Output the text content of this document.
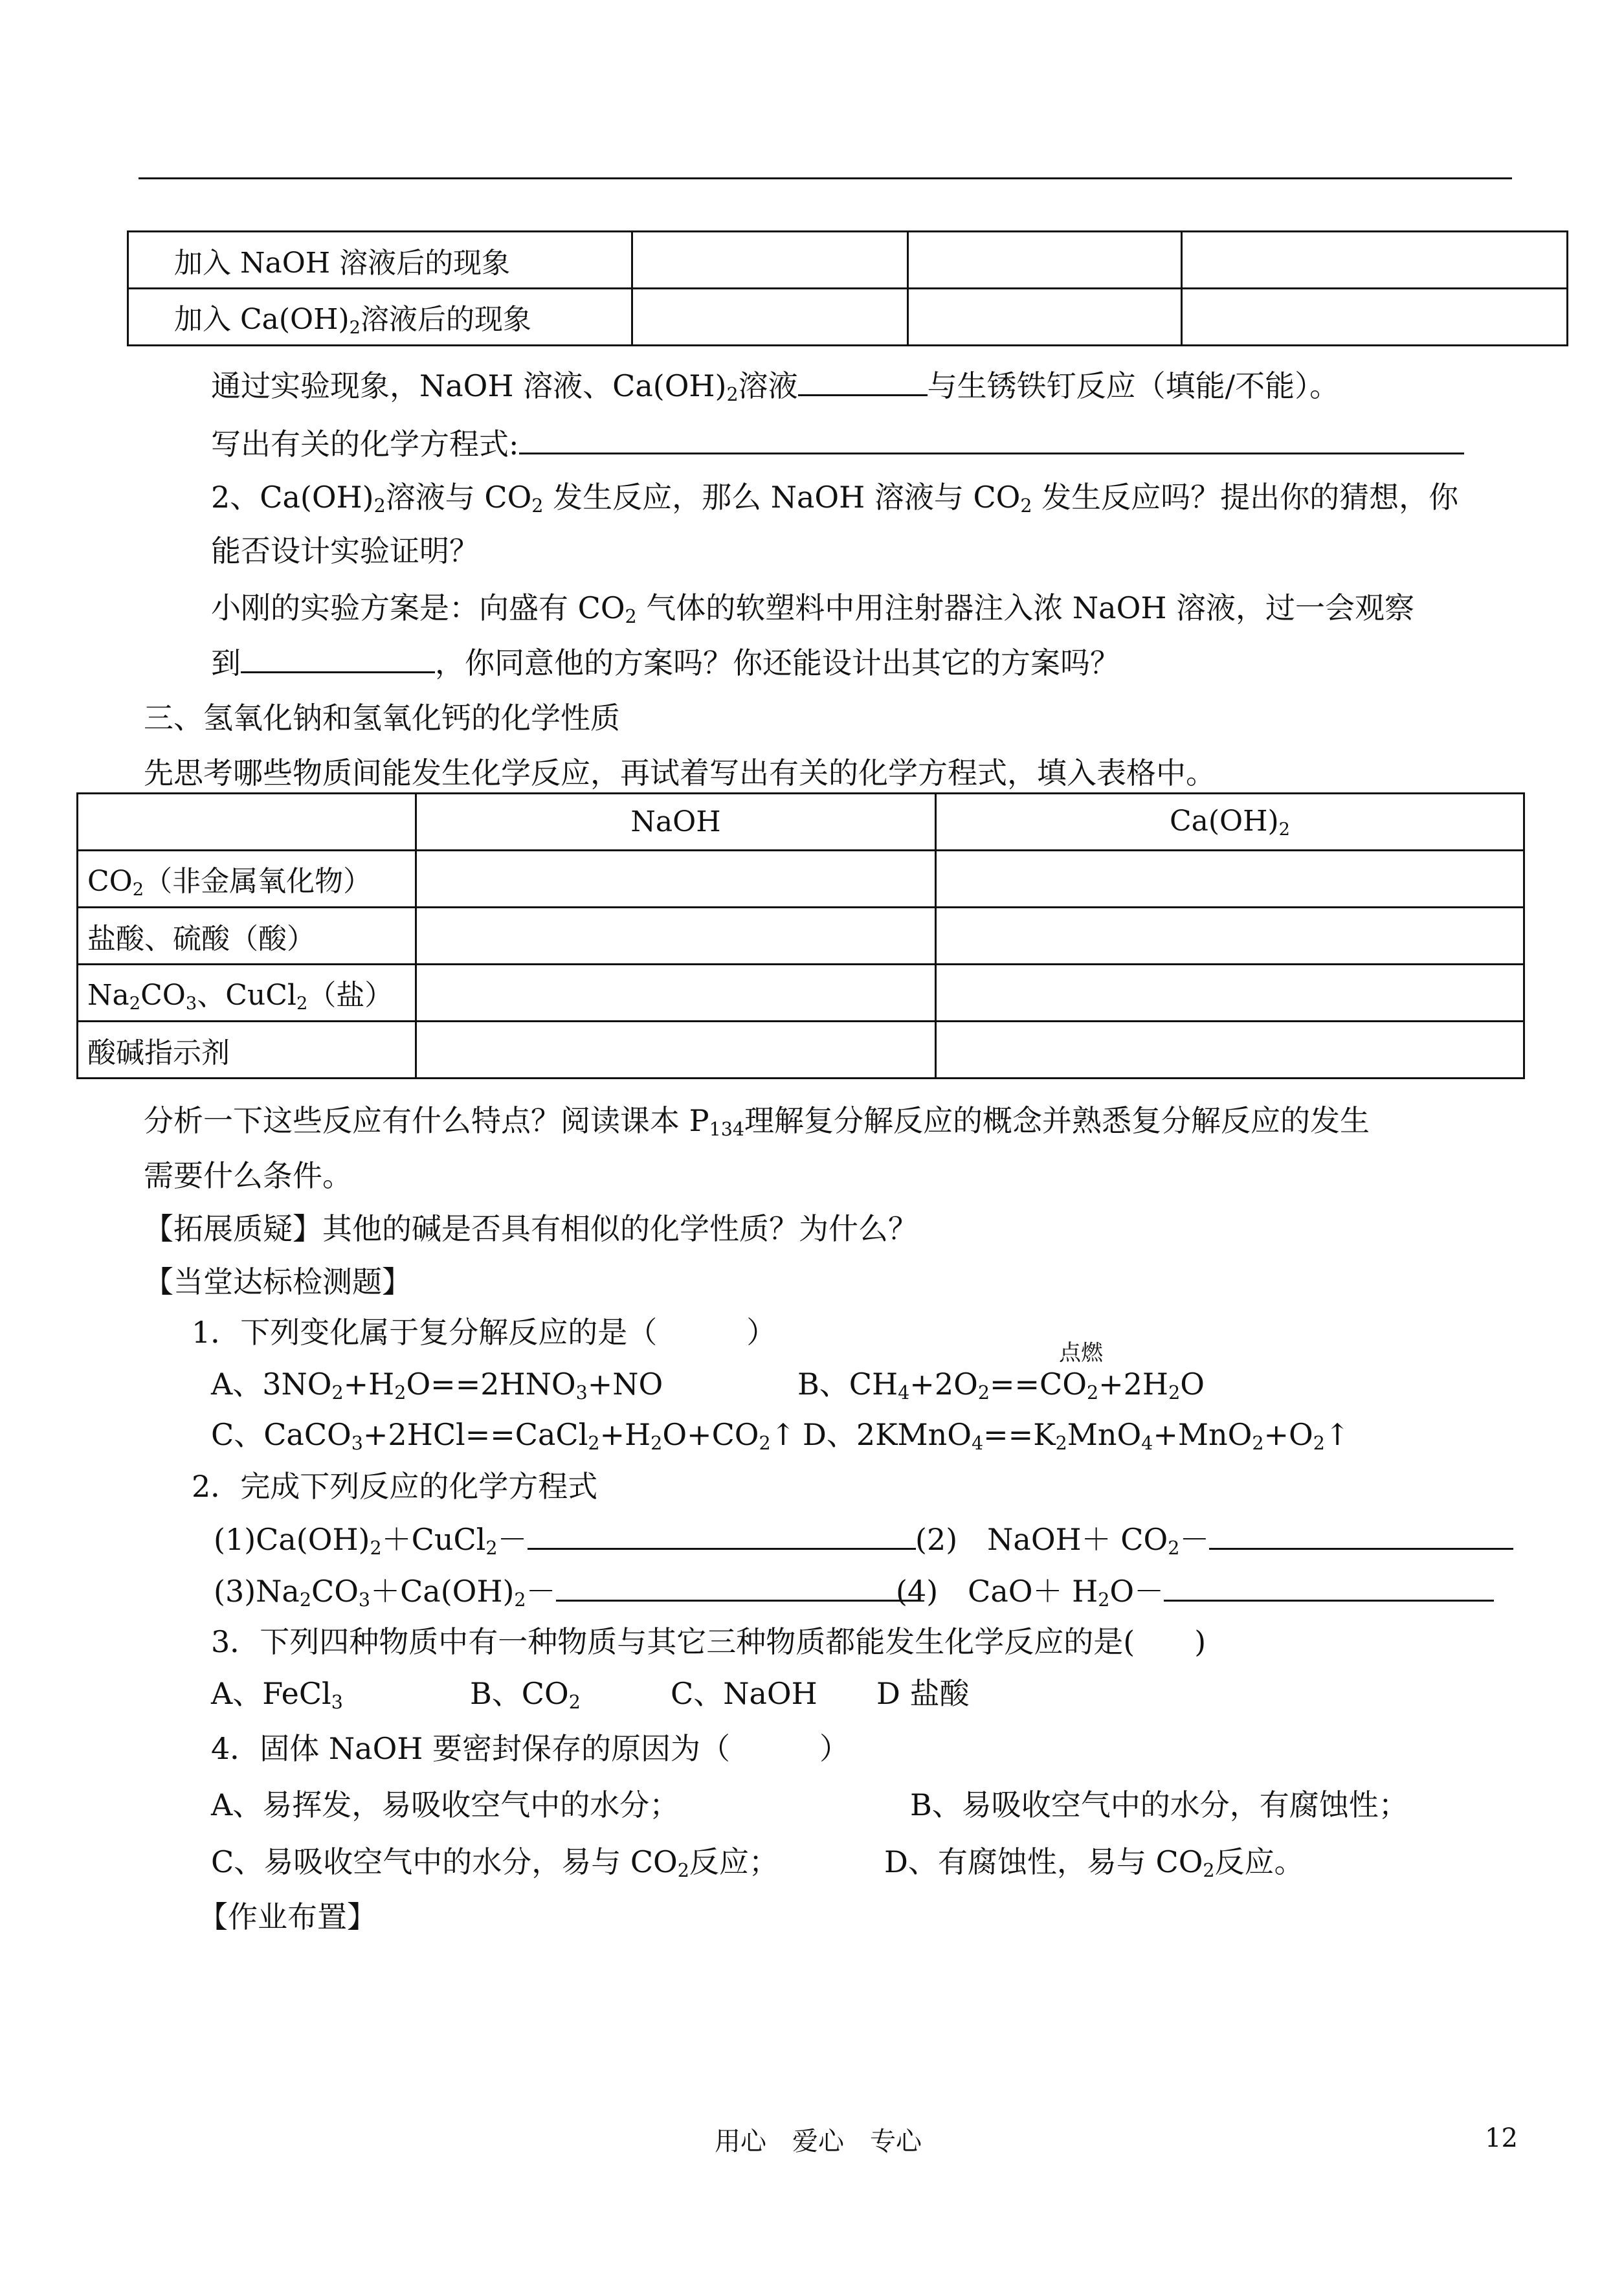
加入 NaOH 溶液后的现象			
加入 $Ca(OH)_2$溶液后的现象			
通过实验现象，NaOH 溶液、$Ca(OH)_2$溶液	与生锈铁钉反应（填能/不能）。
写出有关的化学方程式:
2、$Ca(OH)_2$溶液与 $CO_2$ 发生反应，那么 NaOH 溶液与 $CO_2$ 发生反应吗？提出你的猜想，你
能否设计实验证明？
小刚的实验方案是：向盛有 $CO_2$ 气体的软塑料中用注射器注入浓 NaOH 溶液，过一会观察
到	，你同意他的方案吗？你还能设计出其它的方案吗？
三、氢氧化钠和氢氧化钙的化学性质
先思考哪些物质间能发生化学反应，再试着写出有关的化学方程式，填入表格中。
	NaOH	$Ca(OH)_2$
$CO_2$（非金属氧化物）		
盐酸、硫酸（酸）		
$Na_2CO_3$、CuCl$_2$（盐）		
酸碱指示剂		
分析一下这些反应有什么特点？阅读课本 $P_{134}$理解复分解反应的概念并熟悉复分解反应的发生
需要什么条件。
【拓展质疑】其他的碱是否具有相似的化学性质？为什么？
【当堂达标检测题】
1．下列变化属于复分解反应的是（　　　）
A、$3NO_2+H_2O==2HNO_3+NO$
点燃
B、$CH_4+2O_2==CO_2+2H_2O$
C、$CaCO_3+2HCl==CaCl_2+H_2O+CO_2↑$ D、$2KMnO_4==K_2MnO_4+MnO_2+O_2↑$
2．完成下列反应的化学方程式
$(1)Ca(OH)_2+CuCl_2-$	(2)　NaOH＋ $CO_2-$
$(3)Na_2CO_3+Ca(OH)_2-$	(4)　$CaO+ H_2O-$
3．下列四种物质中有一种物质与其它三种物质都能发生化学反应的是(　　)
A、FeCl$_3$	B、$CO_2$	C、NaOH D 盐酸
4．固体 NaOH 要密封保存的原因为（　　　）
A、易挥发，易吸收空气中的水分；	B、易吸收空气中的水分，有腐蚀性；
C、易吸收空气中的水分，易与 $CO_2$反应；	D、有腐蚀性，易与 $CO_2$反应。
【作业布置】
用心　爱心　专心	12
